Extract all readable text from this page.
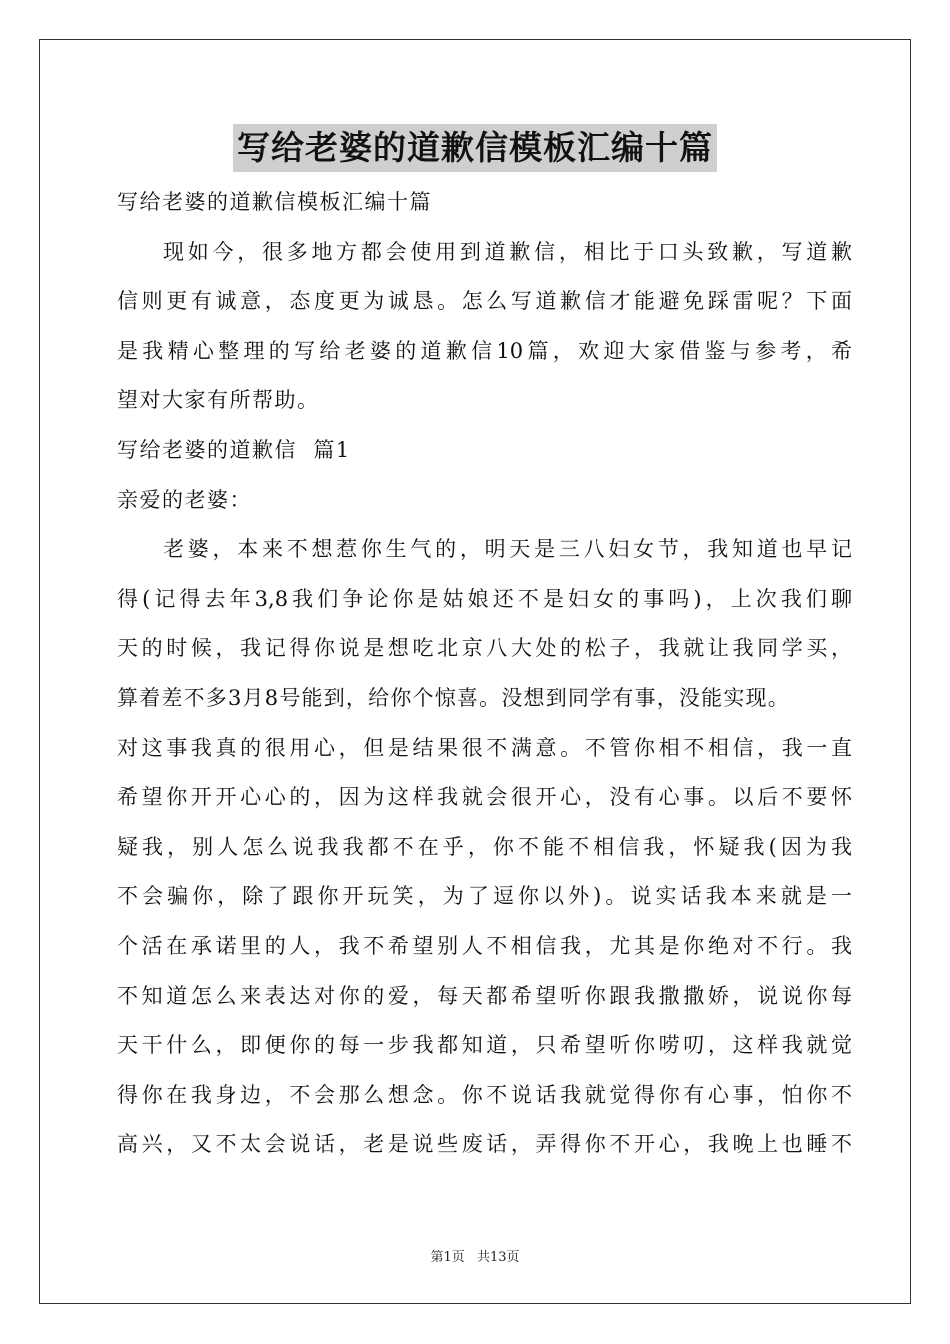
写给老婆的道歉信模板汇编十篇
写给老婆的道歉信模板汇编十篇
现如今，很多地方都会使用到道歉信，相比于口头致歉，写道歉
信则更有诚意，态度更为诚恳。怎么写道歉信才能避免踩雷呢？下面
是我精心整理的写给老婆的道歉信10篇，欢迎大家借鉴与参考，希
望对大家有所帮助。
写给老婆的道歉信  篇1
亲爱的老婆：
老婆，本来不想惹你生气的，明天是三八妇女节，我知道也早记
得(记得去年3,8我们争论你是姑娘还不是妇女的事吗)，上次我们聊
天的时候，我记得你说是想吃北京八大处的松子，我就让我同学买，
算着差不多3月8号能到，给你个惊喜。没想到同学有事，没能实现。
对这事我真的很用心，但是结果很不满意。不管你相不相信，我一直
希望你开开心心的，因为这样我就会很开心，没有心事。以后不要怀
疑我，别人怎么说我我都不在乎，你不能不相信我，怀疑我(因为我
不会骗你，除了跟你开玩笑，为了逗你以外)。说实话我本来就是一
个活在承诺里的人，我不希望别人不相信我，尤其是你绝对不行。我
不知道怎么来表达对你的爱，每天都希望听你跟我撒撒娇，说说你每
天干什么，即便你的每一步我都知道，只希望听你唠叨，这样我就觉
得你在我身边，不会那么想念。你不说话我就觉得你有心事，怕你不
高兴，又不太会说话，老是说些废话，弄得你不开心，我晚上也睡不
第1页 共13页
